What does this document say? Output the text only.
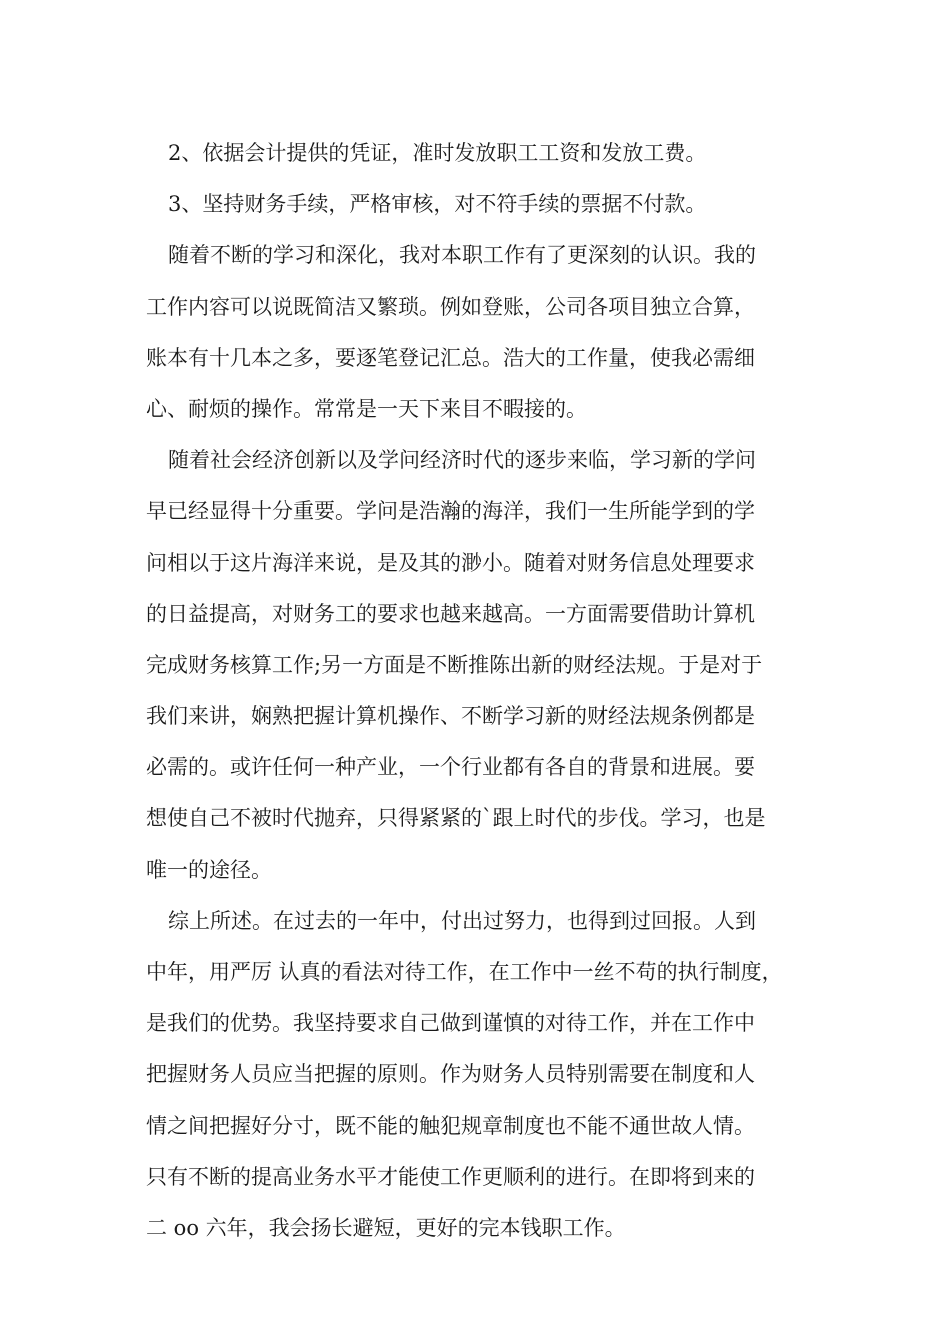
2、依据会计提供的凭证，准时发放职工工资和发放工费。
3、坚持财务手续，严格审核，对不符手续的票据不付款。
随着不断的学习和深化，我对本职工作有了更深刻的认识。我的
工作内容可以说既简洁又繁琐。例如登账，公司各项目独立合算，
账本有十几本之多，要逐笔登记汇总。浩大的工作量，使我必需细
心、耐烦的操作。常常是一天下来目不暇接的。
随着社会经济创新以及学问经济时代的逐步来临，学习新的学问
早已经显得十分重要。学问是浩瀚的海洋，我们一生所能学到的学
问相以于这片海洋来说，是及其的渺小。随着对财务信息处理要求
的日益提高，对财务工的要求也越来越高。一方面需要借助计算机
完成财务核算工作;另一方面是不断推陈出新的财经法规。于是对于
我们来讲，娴熟把握计算机操作、不断学习新的财经法规条例都是
必需的。或许任何一种产业，一个行业都有各自的背景和进展。要
想使自己不被时代抛弃，只得紧紧的`跟上时代的步伐。学习，也是
唯一的途径。
综上所述。在过去的一年中，付出过努力，也得到过回报。人到
中年，用严厉 认真的看法对待工作，在工作中一丝不苟的执行制度，
是我们的优势。我坚持要求自己做到谨慎的对待工作，并在工作中
把握财务人员应当把握的原则。作为财务人员特别需要在制度和人
情之间把握好分寸，既不能的触犯规章制度也不能不通世故人情。
只有不断的提高业务水平才能使工作更顺利的进行。在即将到来的
二 oo 六年，我会扬长避短，更好的完本钱职工作。
